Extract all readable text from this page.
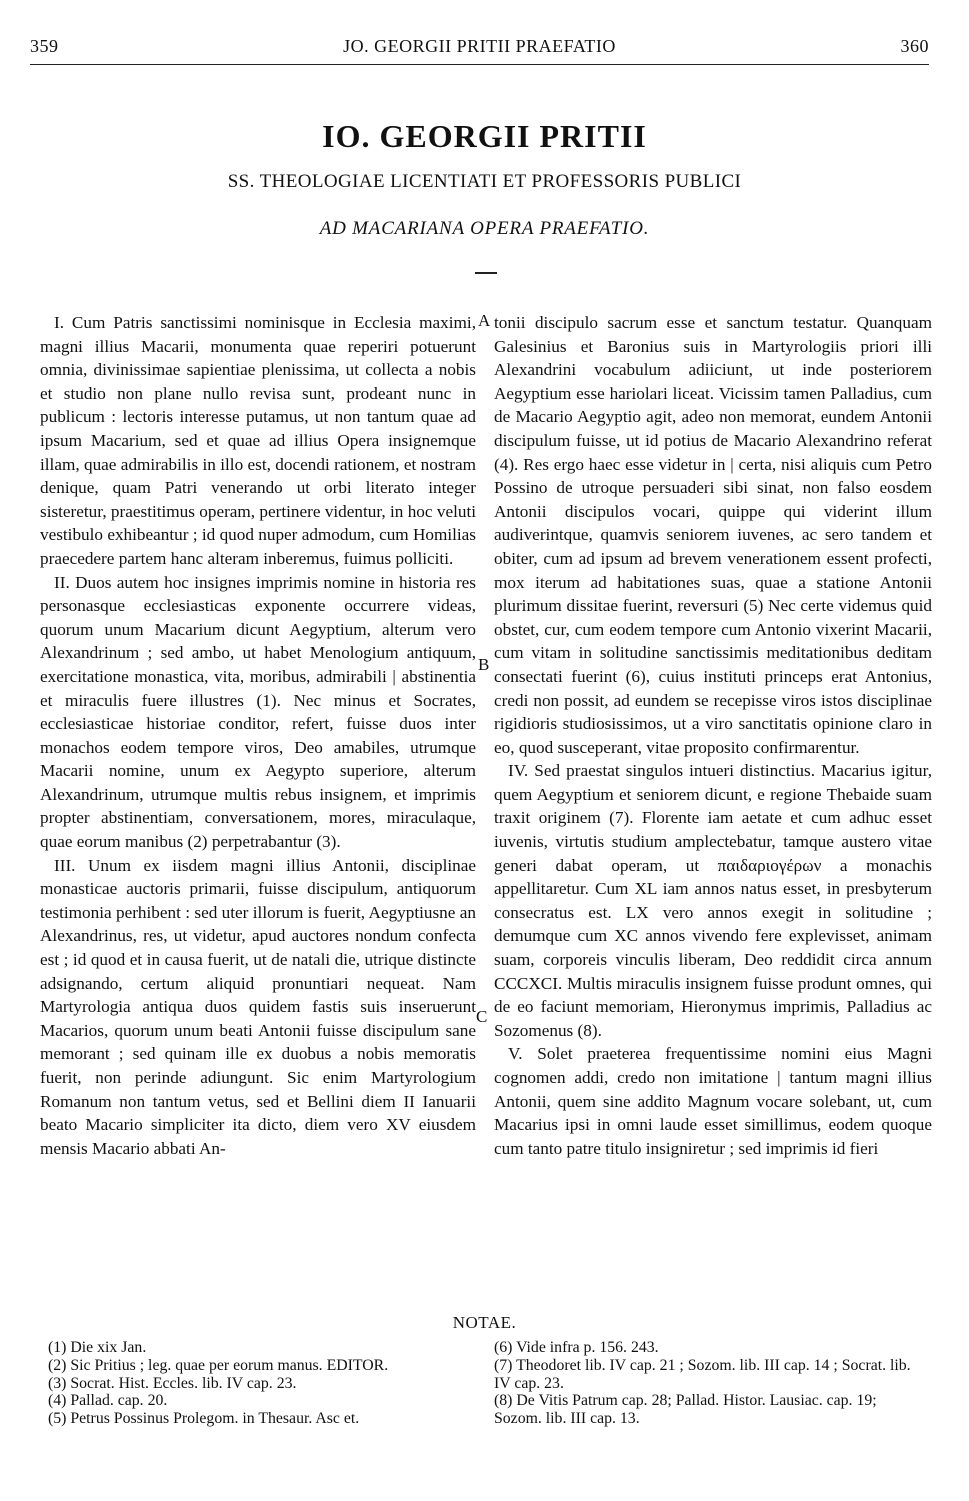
359	JO. GEORGII PRITII PRAEFATIO	360
IO. GEORGII PRITII
SS. THEOLOGIAE LICENTIATI ET PROFESSORIS PUBLICI
AD MACARIANA OPERA PRAEFATIO.

I. Cum Patris sanctissimi nominisque in Ecclesia maximi, magni illius Macarii, monumenta quae reperiri potuerunt omnia, divinissimae sapientiae plenissima, ut collecta a nobis et studio non plane nullo revisa sunt, prodeant nunc in publicum : lectoris interesse putamus, ut non tantum quae ad ipsum Macarium, sed et quae ad illius Opera insignemque illam, quae admirabilis in illo est, docendi rationem, et nostram denique, quam Patri venerando ut orbi literato integer sisteretur, praestitimus operam, pertinere videntur, in hoc veluti vestibulo exhibeantur ; id quod nuper admodum, cum Homilias praecedere partem hanc alteram inberemus, fuimus polliciti.

II. Duos autem hoc insignes imprimis nomine in historia res personasque ecclesiasticas exponente occurrere videas, quorum unum Macarium dicunt Aegyptium, alterum vero Alexandrinum ; sed ambo, ut habet Menologium antiquum, exercitatione monastica, vita, moribus, admirabili | abstinentia et miraculis fuere illustres (1). Nec minus et Socrates, ecclesiasticae historiae conditor, refert, fuisse duos inter monachos eodem tempore viros, Deo amabiles, utrumque Macarii nomine, unum ex Aegypto superiore, alterum Alexandrinum, utrumque multis rebus insignem, et imprimis propter abstinentiam, conversationem, mores, miraculaque, quae eorum manibus (2) perpetrabantur (3).

III. Unum ex iisdem magni illius Antonii, disciplinae monasticae auctoris primarii, fuisse discipulum, antiquorum testimonia perhibent : sed uter illorum is fuerit, Aegyptiusne an Alexandrinus, res, ut videtur, apud auctores nondum confecta est ; id quod et in causa fuerit, ut de natali die, utrique distincte adsignando, certum aliquid pronuntiari nequeat. Nam Martyrologia antiqua duos quidem fastis suis inseruerunt Macarios, quorum unum beati Antonii fuisse discipulum sane memorant ; sed quinam ille ex duobus a nobis memoratis fuerit, non perinde adiungunt. Sic enim Martyrologium Romanum non tantum vetus, sed et Bellini diem II Ianuarii beato Macario simpliciter ita dicto, diem vero XV eiusdem mensis Macario abbati An-

A
B
C

tonii discipulo sacrum esse et sanctum testatur. Quanquam Galesinius et Baronius suis in Martyrologiis priori illi Alexandrini vocabulum adiiciunt, ut inde posteriorem Aegyptium esse hariolari liceat. Vicissim tamen Palladius, cum de Macario Aegyptio agit, adeo non memorat, eundem Antonii discipulum fuisse, ut id potius de Macario Alexandrino referat (4). Res ergo haec esse videtur in | certa, nisi aliquis cum Petro Possino de utroque persuaderi sibi sinat, non falso eosdem Antonii discipulos vocari, quippe qui viderint illum audiverintque, quamvis seniorem iuvenes, ac sero tandem et obiter, cum ad ipsum ad brevem venerationem essent profecti, mox iterum ad habitationes suas, quae a statione Antonii plurimum dissitae fuerint, reversuri (5) Nec certe videmus quid obstet, cur, cum eodem tempore cum Antonio vixerint Macarii, cum vitam in solitudine sanctissimis meditationibus deditam consectati fuerint (6), cuius instituti princeps erat Antonius, credi non possit, ad eundem se recepisse viros istos disciplinae rigidioris studiosissimos, ut a viro sanctitatis opinione claro in eo, quod susceperant, vitae proposito confirmarentur.

IV. Sed praestat singulos intueri distinctius. Macarius igitur, quem Aegyptium et seniorem dicunt, e regione Thebaide suam traxit originem (7). Florente iam aetate et cum adhuc esset iuvenis, virtutis studium amplectebatur, tamque austero vitae generi dabat operam, ut παιδαριογέρων a monachis appellitaretur. Cum XL iam annos natus esset, in presbyterum consecratus est. LX vero annos exegit in solitudine ; demumque cum XC annos vivendo fere explevisset, animam suam, corporeis vinculis liberam, Deo reddidit circa annum CCCXCI. Multis miraculis insignem fuisse produnt omnes, qui de eo faciunt memoriam, Hieronymus imprimis, Palladius ac Sozomenus (8).

V. Solet praeterea frequentissime nomini eius Magni cognomen addi, credo non imitatione | tantum magni illius Antonii, quem sine addito Magnum vocare solebant, ut, cum Macarius ipsi in omni laude esset simillimus, eodem quoque cum tanto patre titulo insigniretur ; sed imprimis id fieri

NOTAE.
(1) Die xix Jan.
(2) Sic Pritius ; leg. quae per eorum manus. EDITOR.
(3) Socrat. Hist. Eccles. lib. IV cap. 23.
(4) Pallad. cap. 20.
(5) Petrus Possinus Prolegom. in Thesaur. Asc et.
(6) Vide infra p. 156. 243.
(7) Theodoret lib. IV cap. 21 ; Sozom. lib. III cap. 14 ; Socrat. lib. IV cap. 23.
(8) De Vitis Patrum cap. 28; Pallad. Histor. Lausiac. cap. 19; Sozom. lib. III cap. 13.
